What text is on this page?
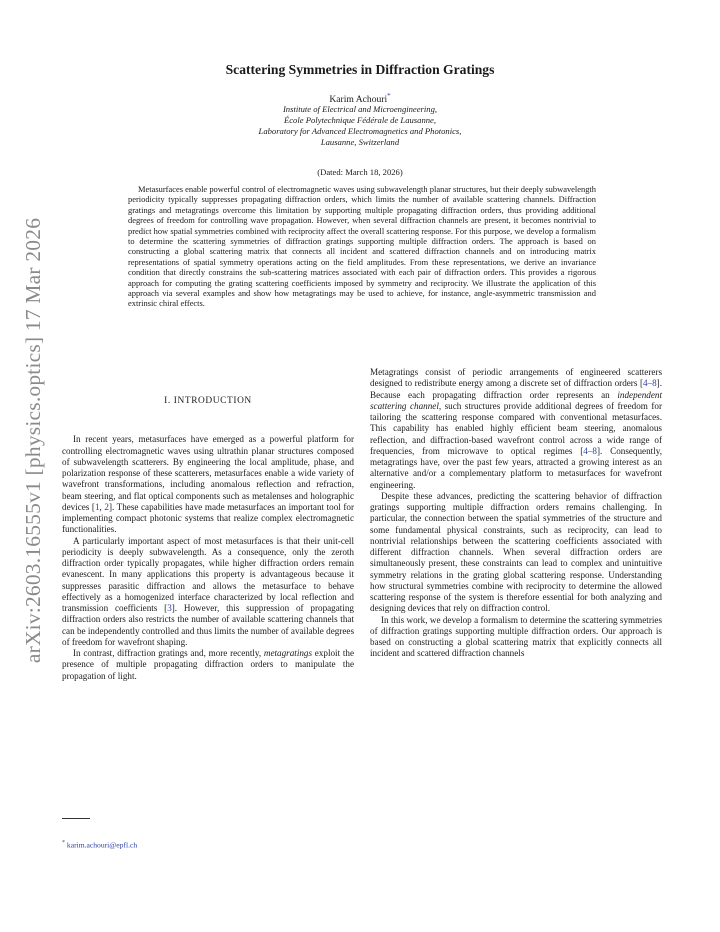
arXiv:2603.16555v1 [physics.optics] 17 Mar 2026
Scattering Symmetries in Diffraction Gratings
Karim Achouri*
Institute of Electrical and Microengineering,
École Polytechnique Fédérale de Lausanne,
Laboratory for Advanced Electromagnetics and Photonics,
Lausanne, Switzerland
(Dated: March 18, 2026)

Metasurfaces enable powerful control of electromagnetic waves using subwavelength planar structures, but their deeply subwavelength periodicity typically suppresses propagating diffraction orders, which limits the number of available scattering channels. Diffraction gratings and metagratings overcome this limitation by supporting multiple propagating diffraction orders, thus providing additional degrees of freedom for controlling wave propagation. However, when several diffraction channels are present, it becomes nontrivial to predict how spatial symmetries combined with reciprocity affect the overall scattering response. For this purpose, we develop a formalism to determine the scattering symmetries of diffraction gratings supporting multiple diffraction orders. The approach is based on constructing a global scattering matrix that connects all incident and scattered diffraction channels and on introducing matrix representations of spatial symmetry operations acting on the field amplitudes. From these representations, we derive an invariance condition that directly constrains the sub-scattering matrices associated with each pair of diffraction orders. This provides a rigorous approach for computing the grating scattering coefficients imposed by symmetry and reciprocity. We illustrate the application of this approach via several examples and show how metagratings may be used to achieve, for instance, angle-asymmetric transmission and extrinsic chiral effects.

I. INTRODUCTION

In recent years, metasurfaces have emerged as a powerful platform for controlling electromagnetic waves using ultrathin planar structures composed of subwavelength scatterers. By engineering the local amplitude, phase, and polarization response of these scatterers, metasurfaces enable a wide variety of wavefront transformations, including anomalous reflection and refraction, beam steering, and flat optical components such as metalenses and holographic devices [1, 2]. These capabilities have made metasurfaces an important tool for implementing compact photonic systems that realize complex electromagnetic functionalities.

A particularly important aspect of most metasurfaces is that their unit-cell periodicity is deeply subwavelength. As a consequence, only the zeroth diffraction order typically propagates, while higher diffraction orders remain evanescent. In many applications this property is advantageous because it suppresses parasitic diffraction and allows the metasurface to behave effectively as a homogenized interface characterized by local reflection and transmission coefficients [3]. However, this suppression of propagating diffraction orders also restricts the number of available scattering channels that can be independently controlled and thus limits the number of available degrees of freedom for wavefront shaping.

In contrast, diffraction gratings and, more recently, metagratings exploit the presence of multiple propagating diffraction orders to manipulate the propagation of light.

Metagratings consist of periodic arrangements of engineered scatterers designed to redistribute energy among a discrete set of diffraction orders [4–8]. Because each propagating diffraction order represents an independent scattering channel, such structures provide additional degrees of freedom for tailoring the scattering response compared with conventional metasurfaces. This capability has enabled highly efficient beam steering, anomalous reflection, and diffraction-based wavefront control across a wide range of frequencies, from microwave to optical regimes [4–8]. Consequently, metagratings have, over the past few years, attracted a growing interest as an alternative and/or a complementary platform to metasurfaces for wavefront engineering.

Despite these advances, predicting the scattering behavior of diffraction gratings supporting multiple diffraction orders remains challenging. In particular, the connection between the spatial symmetries of the structure and some fundamental physical constraints, such as reciprocity, can lead to nontrivial relationships between the scattering coefficients associated with different diffraction channels. When several diffraction orders are simultaneously present, these constraints can lead to complex and unintuitive symmetry relations in the grating global scattering response. Understanding how structural symmetries combine with reciprocity to determine the allowed scattering response of the system is therefore essential for both analyzing and designing devices that rely on diffraction control.

In this work, we develop a formalism to determine the scattering symmetries of diffraction gratings supporting multiple diffraction orders. Our approach is based on constructing a global scattering matrix that explicitly connects all incident and scattered diffraction channels

* karim.achouri@epfl.ch
